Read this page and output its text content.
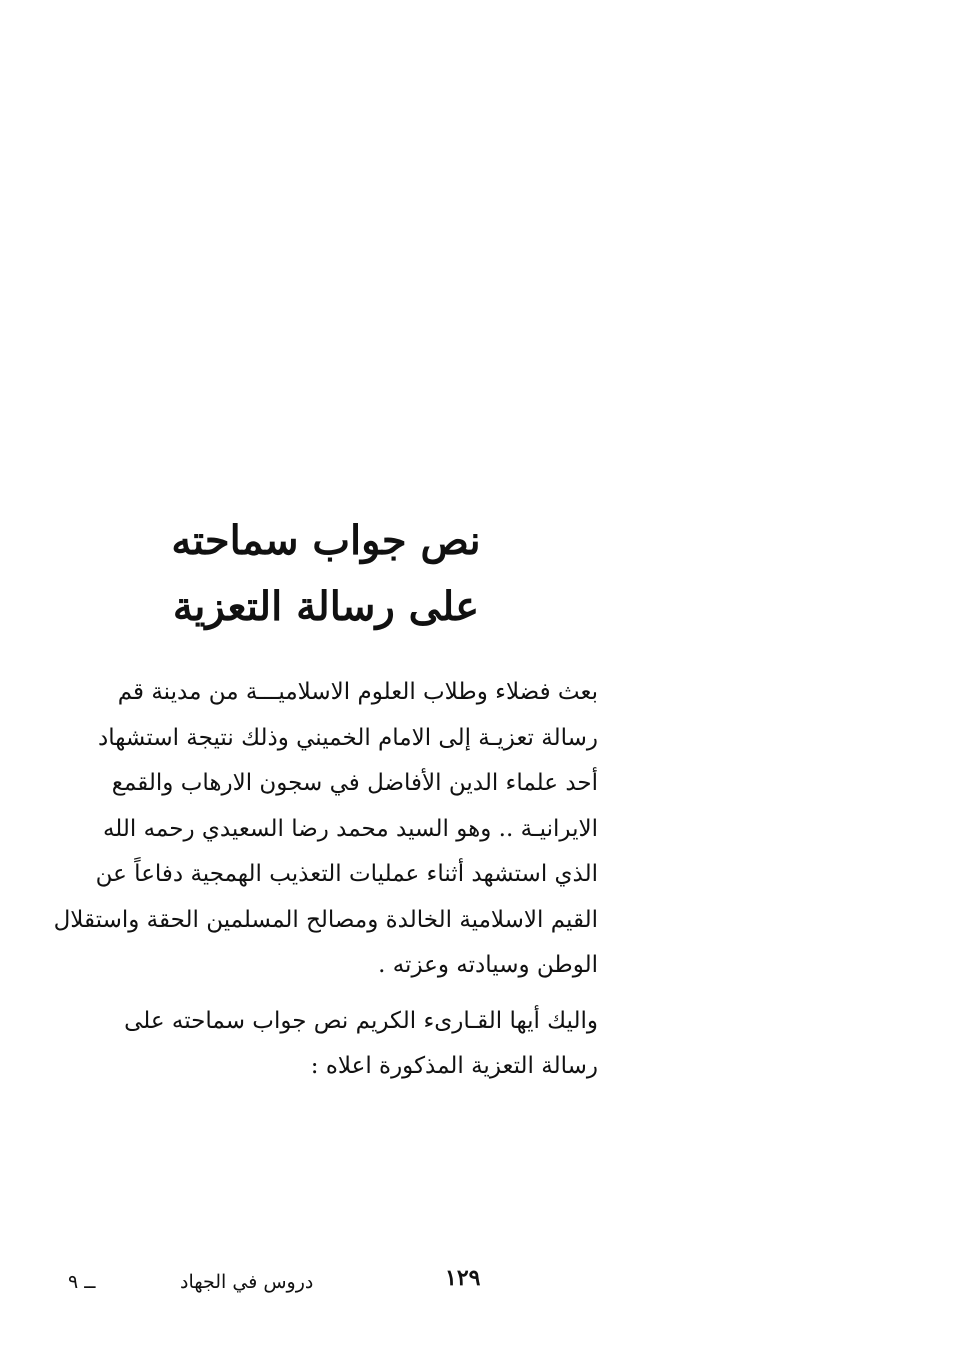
نص جواب سماحته
على رسالة التعزية
بعث فضلاء وطلاب العلوم الاسلاميـــة من مدينة قم
رسالة تعزيـة إلى الامام الخميني وذلك نتيجة استشهاد
أحد علماء الدين الأفاضل في سجون الارهاب والقمع
الايرانيـة .. وهو السيد محمد رضا السعيدي رحمه الله
الذي استشهد أثناء عمليات التعذيب الهمجية دفاعاً عن
القيم الاسلامية الخالدة ومصالح المسلمين الحقة واستقلال
الوطن وسيادته وعزته .
واليك أيها القـارىء الكريم نص جواب سماحته على
رسالة التعزية المذكورة اعلاه :
١٢٩
دروس في الجهاد
ــ ٩
